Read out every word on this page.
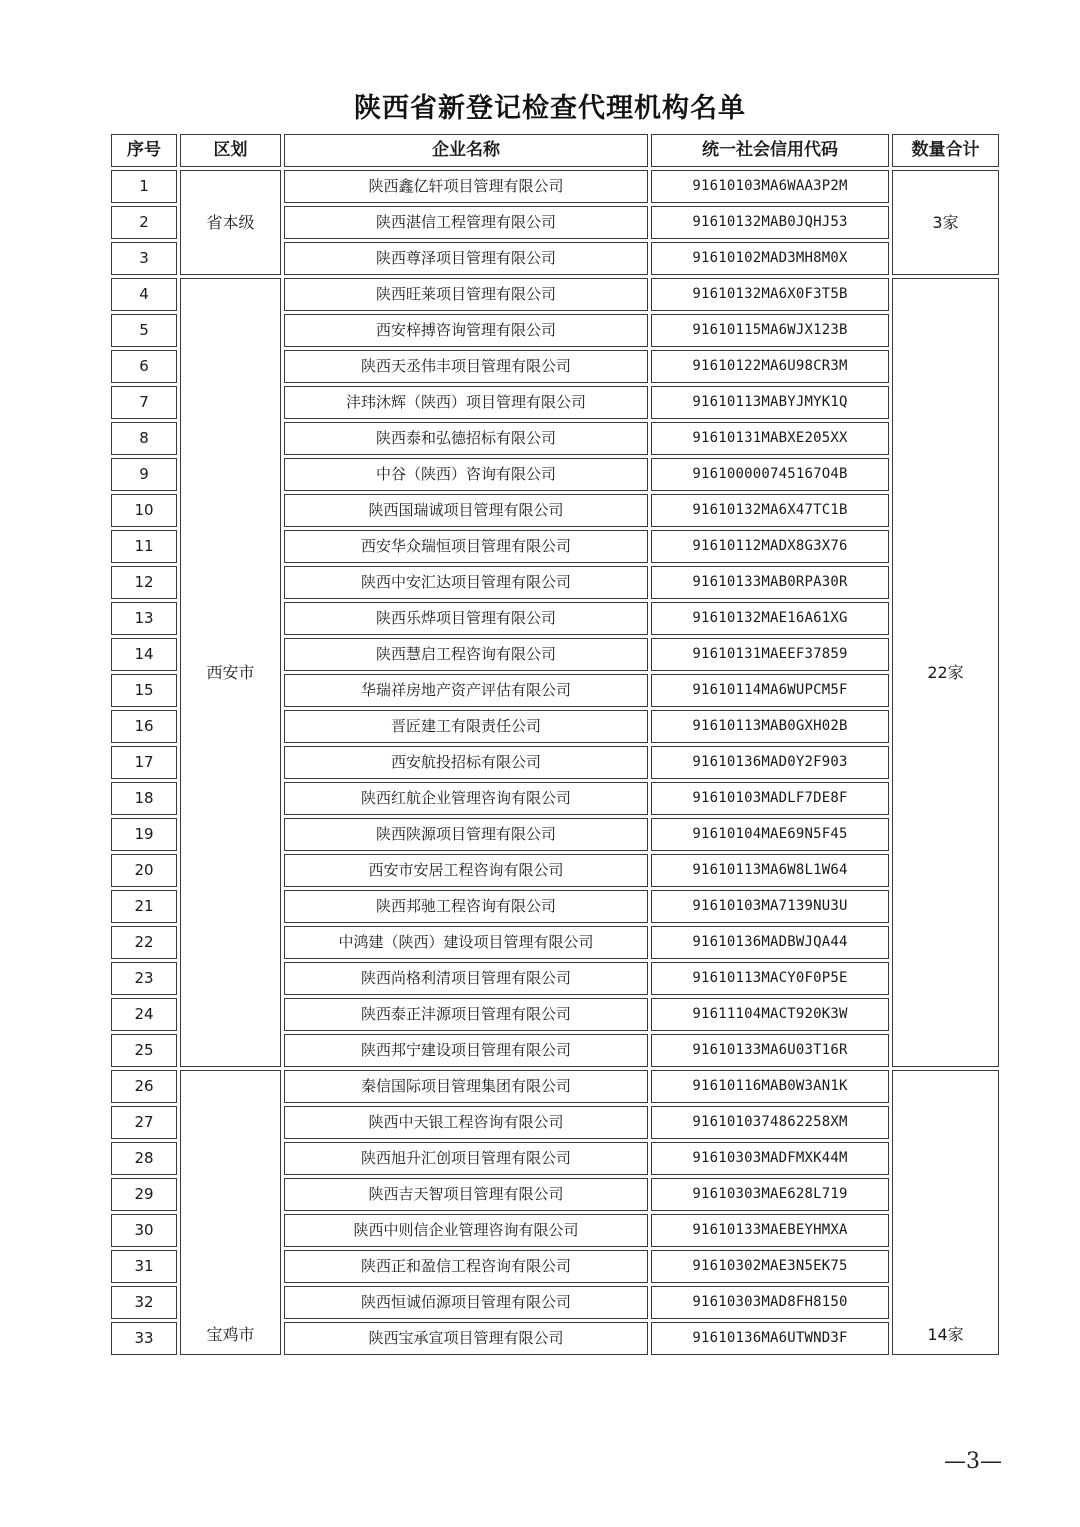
陕西省新登记检查代理机构名单
序号	区划	企业名称	统一社会信用代码	数量合计
1	省本级	陕西鑫亿轩项目管理有限公司	91610103MA6WAA3P2M	3家
2		陕西湛信工程管理有限公司	91610132MAB0JQHJ53	
3		陕西尊泽项目管理有限公司	91610102MAD3MH8M0X	
4	西安市	陕西旺莱项目管理有限公司	91610132MA6X0F3T5B	22家
5		西安梓搏咨询管理有限公司	91610115MA6WJX123B	
6		陕西天丞伟丰项目管理有限公司	91610122MA6U98CR3M	
7		沣玮沐辉（陕西）项目管理有限公司	91610113MABYJMYK1Q	
8		陕西泰和弘德招标有限公司	91610131MABXE205XX	
9		中谷（陕西）咨询有限公司	916100000745167O4B	
10		陕西国瑞诚项目管理有限公司	91610132MA6X47TC1B	
11		西安华众瑞恒项目管理有限公司	91610112MADX8G3X76	
12		陕西中安汇达项目管理有限公司	91610133MAB0RPA30R	
13		陕西乐烨项目管理有限公司	91610132MAE16A61XG	
14		陕西慧启工程咨询有限公司	91610131MAEEF37859	
15		华瑞祥房地产资产评估有限公司	91610114MA6WUPCM5F	
16		晋匠建工有限责任公司	91610113MAB0GXH02B	
17		西安航投招标有限公司	91610136MAD0Y2F903	
18		陕西红航企业管理咨询有限公司	91610103MADLF7DE8F	
19		陕西陕源项目管理有限公司	91610104MAE69N5F45	
20		西安市安居工程咨询有限公司	91610113MA6W8L1W64	
21		陕西邦驰工程咨询有限公司	91610103MA7139NU3U	
22		中鸿建（陕西）建设项目管理有限公司	91610136MADBWJQA44	
23		陕西尚格利清项目管理有限公司	91610113MACY0F0P5E	
24		陕西泰正沣源项目管理有限公司	91611104MACT920K3W	
25		陕西邦宁建设项目管理有限公司	91610133MA6U03T16R	
26	宝鸡市	秦信国际项目管理集团有限公司	91610116MAB0W3AN1K	14家
27		陕西中天银工程咨询有限公司	916101037486225​8XM	
28		陕西旭升汇创项目管理有限公司	91610303MADFMXK44M	
29		陕西吉天智项目管理有限公司	91610303MAE628L719	
30		陕西中则信企业管理咨询有限公司	91610133MAEBEYHMXA	
31		陕西正和盈信工程咨询有限公司	91610302MAE3N5EK75	
32		陕西恒诚佰源项目管理有限公司	91610303MAD8FH8150	
33		陕西宝承宣项目管理有限公司	91610136MA6UTWND3F	
—3—
